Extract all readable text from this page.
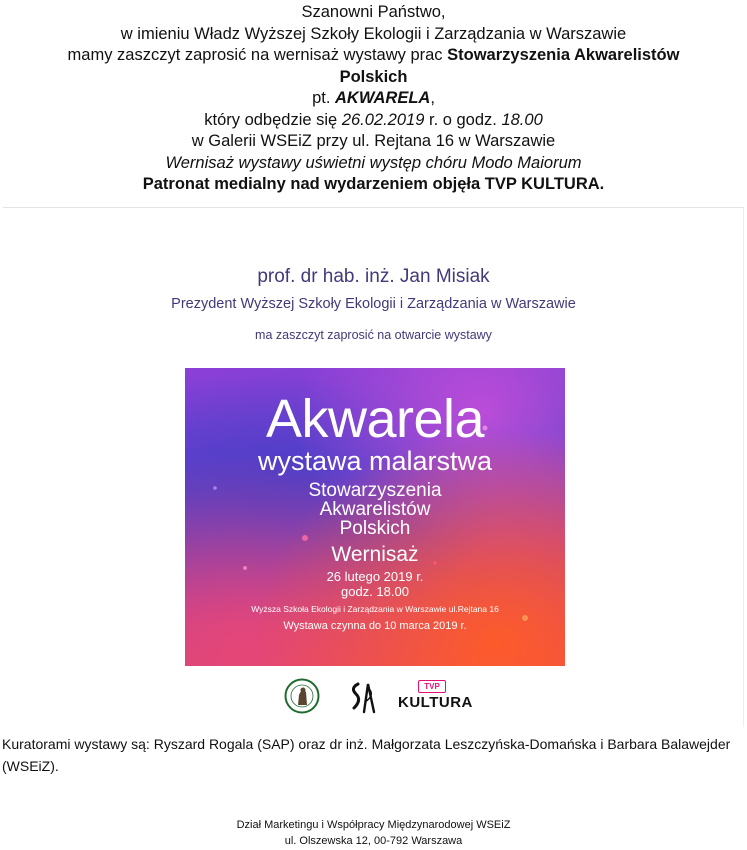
Szanowni Państwo,

w imieniu Władz Wyższej Szkoły Ekologii i Zarządzania w Warszawie

mamy zaszczyt zaprosić na wernisaż wystawy prac Stowarzyszenia Akwarelistów

Polskich

pt. AKWARELA,

który odbędzie się 26.02.2019 r. o godz. 18.00

w Galerii WSEiZ przy ul. Rejtana 16 w Warszawie

Wernisaż wystawy uświetni występ chóru Modo Maiorum

Patronat medialny nad wydarzeniem objęła TVP KULTURA.

prof. dr hab. inż. Jan Misiak
Prezydent Wyższej Szkoły Ekologii i Zarządzania w Warszawie
ma zaszczyt zaprosić na otwarcie wystawy
Akwarela
wystawa malarstwa
Stowarzyszenia
Akwarelistów
Polskich
Wernisaż
26 lutego 2019 r.
godz. 18.00
Wyższa Szkoła Ekologii i Zarządzania w Warszawie ul.Rejtana 16
Wystawa czynna do 10 marca 2019 r.
TVP
KULTURA
Kuratorami wystawy są: Ryszard Rogala (SAP) oraz dr inż. Małgorzata Leszczyńska-Domańska i Barbara Balawejder (WSEiZ).
Dział Marketingu i Współpracy Międzynarodowej WSEiZ
ul. Olszewska 12, 00-792 Warszawa
